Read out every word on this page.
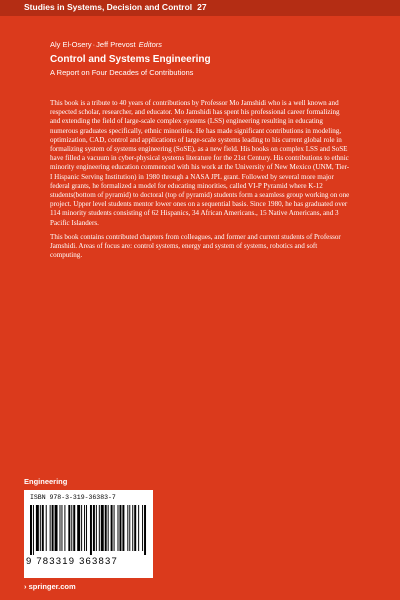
Studies in Systems, Decision and Control 27
Aly El-Osery·Jeff Prevost Editors
Control and Systems Engineering
A Report on Four Decades of Contributions

This book is a tribute to 40 years of contributions by Professor Mo Jamshidi who is a well known and respected scholar, researcher, and educator. Mo Jamshidi has spent his professional career formalizing and extending the field of large-scale complex systems (LSS) engineering resulting in educating numerous graduates specifically, ethnic minorities. He has made significant contributions in modeling, optimization, CAD, control and applications of large-scale systems leading to his current global role in formalizing system of systems engineering (SoSE), as a new field. His books on complex LSS and SoSE have filled a vacuum in cyber-physical systems literature for the 21st Century. His contributions to ethnic minority engineering education commenced with his work at the University of New Mexico (UNM, Tier-I Hispanic Serving Institution) in 1980 through a NASA JPL grant. Followed by several more major federal grants, he formalized a model for educating minorities, called VI-P Pyramid where K-12 students(bottom of pyramid) to doctoral (top of pyramid) students form a seamless group working on one project. Upper level students mentor lower ones on a sequential basis. Since 1980, he has graduated over 114 minority students consisting of 62 Hispanics, 34 African Americans., 15 Native Americans, and 3 Pacific Islanders.

This book contains contributed chapters from colleagues, and former and current students of Professor Jamshidi. Areas of focus are: control systems, energy and system of systems, robotics and soft computing.

Engineering
ISBN 978-3-319-36383-7
9 783319 363837
› springer.com
